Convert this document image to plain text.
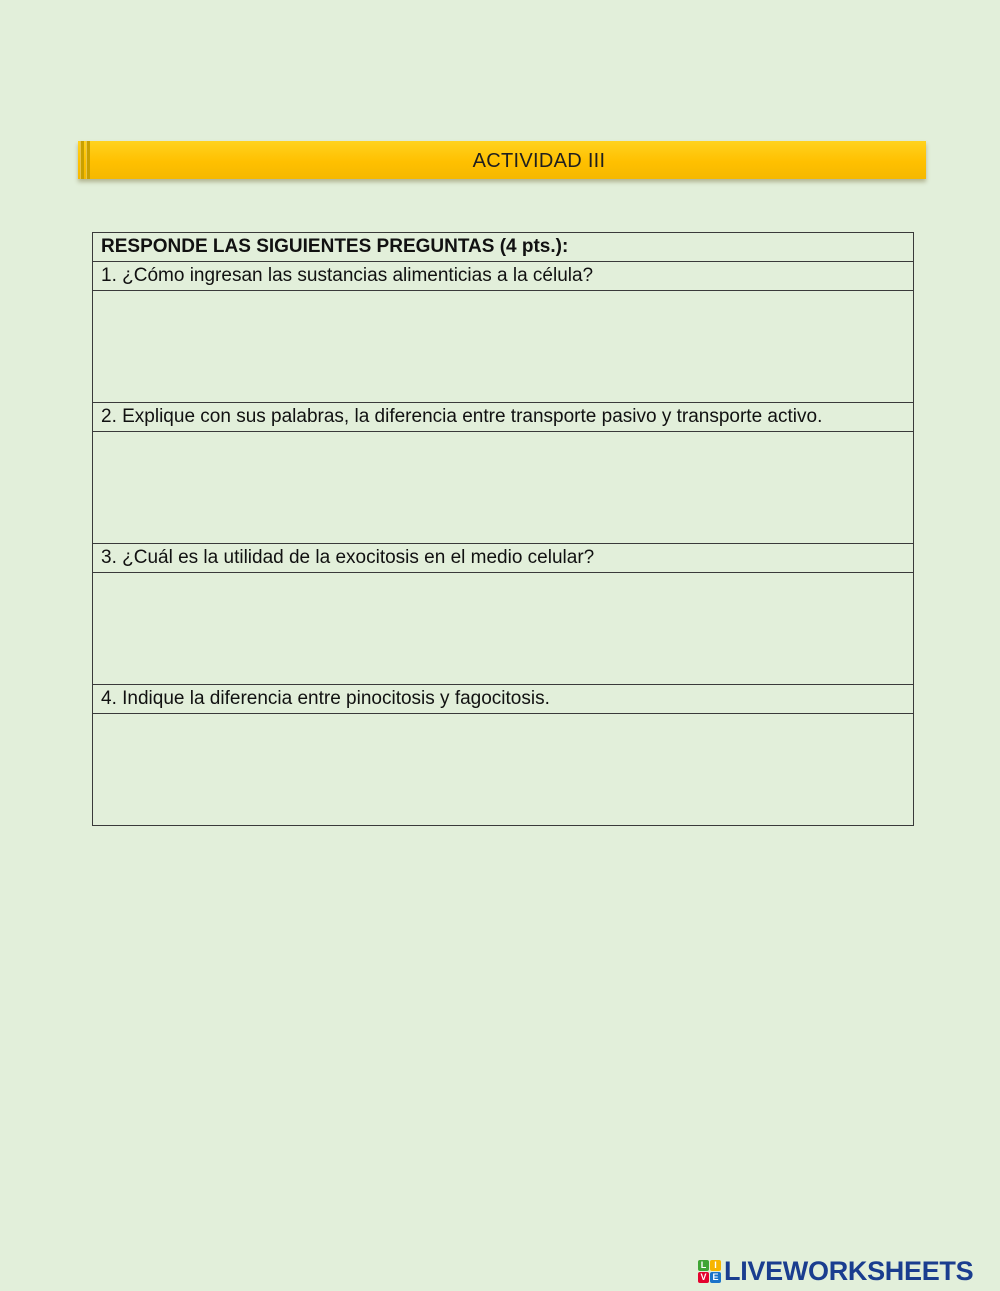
ACTIVIDAD III
RESPONDE LAS SIGUIENTES PREGUNTAS (4 pts.):
1. ¿Cómo ingresan las sustancias alimenticias a la célula?

2. Explique con sus palabras, la diferencia entre transporte pasivo y transporte activo.

3. ¿Cuál es la utilidad de la exocitosis en el medio celular?

4. Indique la diferencia entre pinocitosis y fagocitosis.

L I
V E LIVEWORKSHEETS
